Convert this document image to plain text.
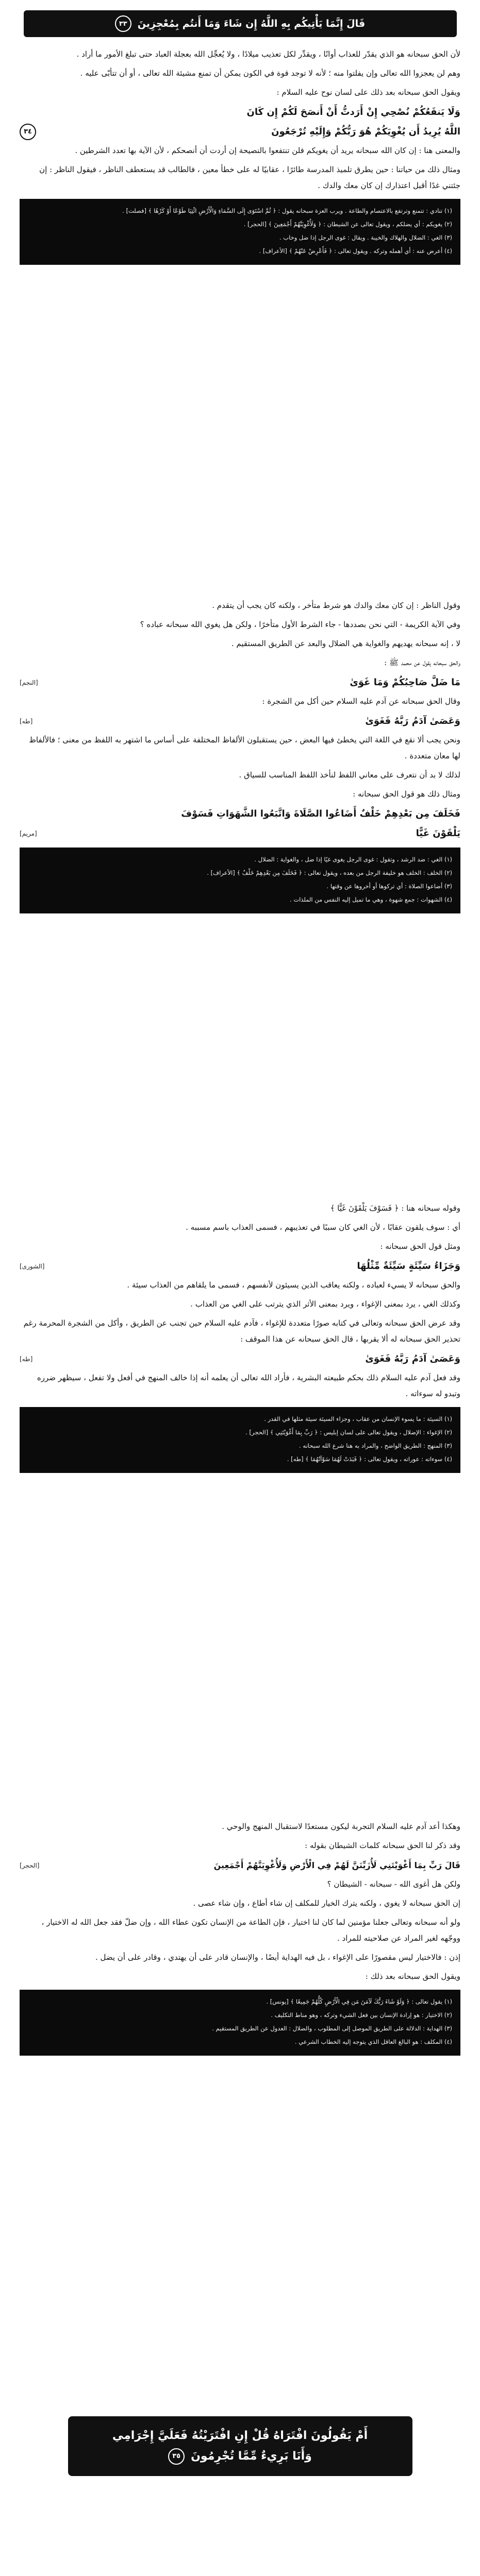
٣٣	قَالَ إِنَّمَا يَأْتِيكُم بِهِ اللَّهُ إِن شَاءَ وَمَا أَنتُم بِمُعْجِزِينَ

لأن الحق سبحانه هو الذي يقدّر للعذاب أوانًا ، ويقدِّر لكل تعذيب ميلادًا ، ولا يُعجِّل الله بعجلة العباد حتى تبلغ الأمور ما أراد .

وهم لن يعجزوا الله تعالى وإن يفلتوا منه ؛ لأنه لا توجد قوة في الكون يمكن أن تمنع مشيئة الله تعالى ، أو أن تتأبّى عليه .

ويقول الحق سبحانه بعد ذلك على لسان نوح عليه السلام :

وَلَا يَنفَعُكُمْ نُصْحِي إِنْ أَرَدتُّ أَنْ أَنصَحَ لَكُمْ إِن كَانَ
اللَّهُ يُرِيدُ أَن يُغْوِيَكُمْ هُوَ رَبُّكُمْ وَإِلَيْهِ تُرْجَعُونَ
٣٤

والمعنى هنا : إن كان الله سبحانه يريد أن يغويكم فلن تنتفعوا بالنصيحة إن أردت أن أنصحكم ، لأن الآية بها تعدد الشرطين .

ومثال ذلك من حياتنا : حين يطرق تلميذ المدرسة طائرًا ، عقابيًا له على خطأ معين ، فالطالب قد يستعطف الناظر ، فيقول الناظر : إن جئتني غدًا أقبل اعتذارك إن كان معك والدك .

(١) تنادي : تتمنع وترتفع بالاعتصام والطاعة . ويرب العزة سبحانه يقول : ﴿ ثُمَّ اسْتَوَى إِلَى السَّمَاءِ وَالْأَرْضِ ائْتِيَا طَوْعًا أَوْ كَرْهًا ﴾ [فصلت] .

(٢) يغويكم : أي يضلكم ، ويقول تعالى عن الشيطان : ﴿ وَلَأُغْوِيَنَّهُمْ أَجْمَعِينَ ﴾ [الحجر] .

(٣) الغي : الضلال والهلاك والخيبة . ويقال : غوى الرجل إذا ضل وخاب .

(٤) أعرض عنه : أي أهمله وتركه . ويقول تعالى : ﴿ فَأَعْرِضْ عَنْهُمْ ﴾ [الأعراف] .

وقول الناظر : إن كان معك والدك هو شرط متأخر ، ولكنه كان يجب أن يتقدم .

وفي الآية الكريمة - التي نحن بصددها - جاء الشرط الأول متأخرًا ، ولكن هل يغوي الله سبحانه عباده ؟

لا ، إنه سبحانه يهديهم والغواية هي الضلال والبعد عن الطريق المستقيم .

والحق سبحانه يقول عن محمد ﷺ :

مَا ضَلَّ صَاحِبُكُمْ وَمَا غَوَىٰ
[النجم]

وقال الحق سبحانه عن آدم عليه السلام حين أكل من الشجرة :

وَعَصَىٰ آدَمُ رَبَّهُ فَغَوَىٰ
[طه]

ونحن يجب ألا نقع في اللغة التي يخطئ فيها البعض ، حين يستقبلون الألفاظ المختلفة على أساس ما اشتهر به اللفظ من معنى ؛ فالألفاظ لها معان متعددة .

لذلك لا بد أن نتعرف على معاني اللفظ لنأخذ اللفظ المناسب للسياق .

ومثال ذلك هو قول الحق سبحانه :

فَخَلَفَ مِن بَعْدِهِمْ خَلْفٌ أَضَاعُوا الصَّلَاةَ وَاتَّبَعُوا الشَّهَوَاتِ فَسَوْفَ
يَلْقَوْنَ غَيًّا
[مريم]

(١) الغي : ضد الرشد ، وتقول : غوى الرجل يغوى غيًا إذا ضل ، والغواية : الضلال .

(٢) الخلف : الخلف هو خليفة الرجل من بعده ، ويقول تعالى : ﴿ فَخَلَفَ مِن بَعْدِهِمْ خَلْفٌ ﴾ [الأعراف] .

(٣) أضاعوا الصلاة : أي تركوها أو أخروها عن وقتها .

(٤) الشهوات : جمع شهوة ، وهي ما تميل إليه النفس من الملذات .

وقوله سبحانه هنا : ﴿ فَسَوْفَ يَلْقَوْنَ غَيًّا ﴾

أي : سوف يلقون عقابًا ، لأن الغي كان سببًا في تعذيبهم ، فسمى العذاب باسم مسببه .

ومثل قول الحق سبحانه :

وَجَزَاءُ سَيِّئَةٍ سَيِّئَةٌ مِّثْلُهَا
[الشورى]

والحق سبحانه لا يسيء لعباده ، ولكنه يعاقب الذين يسيئون لأنفسهم ، فسمى ما يلقاهم من العذاب سيئة .

وكذلك الغي ، يرد بمعنى الإغواء ، ويرد بمعنى الأثر الذي يترتب على الغي من العذاب .

وقد عرض الحق سبحانه وتعالى في كتابه صورًا متعددة للإغواء ، فآدم عليه السلام حين تجنب عن الطريق ، وأكل من الشجرة المحرمة رغم تحذير الحق سبحانه له ألا يقربها ، قال الحق سبحانه عن هذا الموقف :

وَعَصَىٰ آدَمُ رَبَّهُ فَغَوَىٰ
[طه]

وقد فعل آدم عليه السلام ذلك بحكم طبيعته البشرية ، فأراد الله تعالى أن يعلمه أنه إذا خالف المنهج في أفعل ولا تفعل ، سيظهر ضرره وتبدو له سوءاته .

(١) السيئة : ما يسوء الإنسان من عقاب ، وجزاء السيئة سيئة مثلها في القدر .

(٢) الإغواء : الإضلال ، ويقول تعالى على لسان إبليس : ﴿ رَبِّ بِمَا أَغْوَيْتَنِي ﴾ [الحجر] .

(٣) المنهج : الطريق الواضح ، والمراد به هنا شرع الله سبحانه .

(٤) سوءاته : عوراته ، ويقول تعالى : ﴿ فَبَدَتْ لَهُمَا سَوْآتُهُمَا ﴾ [طه] .

وهكذا أعد آدم عليه السلام التجربة ليكون مستعدًا لاستقبال المنهج والوحي .

وقد ذكر لنا الحق سبحانه كلمات الشيطان بقوله :

قَالَ رَبِّ بِمَا أَغْوَيْتَنِي لَأُزَيِّنَنَّ لَهُمْ فِي الْأَرْضِ وَلَأُغْوِيَنَّهُمْ أَجْمَعِينَ
[الحجر]

ولكن هل أغوى الله - سبحانه - الشيطان ؟

إن الحق سبحانه لا يغوي ، ولكنه يترك الخيار للمكلف إن شاء أطاع ، وإن شاء عصى .

ولو أنه سبحانه وتعالى جعلنا مؤمنين لما كان لنا اختيار ، فإن الطاعة من الإنسان تكون عطاء الله ، وإن ضلّ فقد جعل الله له الاختيار ، ووجّهه لغير المراد عن صلاحيته للمراد .

إذن : فالاختيار ليس مقصورًا على الإغواء ، بل فيه الهداية أيضًا ، والإنسان قادر على أن يهتدي ، وقادر على أن يضل .

ويقول الحق سبحانه بعد ذلك :

(١) يقول تعالى : ﴿ وَلَوْ شَاءَ رَبُّكَ لَآمَنَ مَن فِي الْأَرْضِ كُلُّهُمْ جَمِيعًا ﴾ [يونس] .

(٢) الاختيار : هو إرادة الإنسان بين فعل الشيء وتركه ، وهو مناط التكليف .

(٣) الهداية : الدلالة على الطريق الموصل إلى المطلوب ، والضلال : العدول عن الطريق المستقيم .

(٤) المكلف : هو البالغ العاقل الذي يتوجه إليه الخطاب الشرعي .

أَمْ يَقُولُونَ افْتَرَاهُ قُلْ إِنِ افْتَرَيْتُهُ فَعَلَيَّ إِجْرَامِي
وَأَنَا بَرِيءٌ مِّمَّا تُجْرِمُونَ
٣٥
